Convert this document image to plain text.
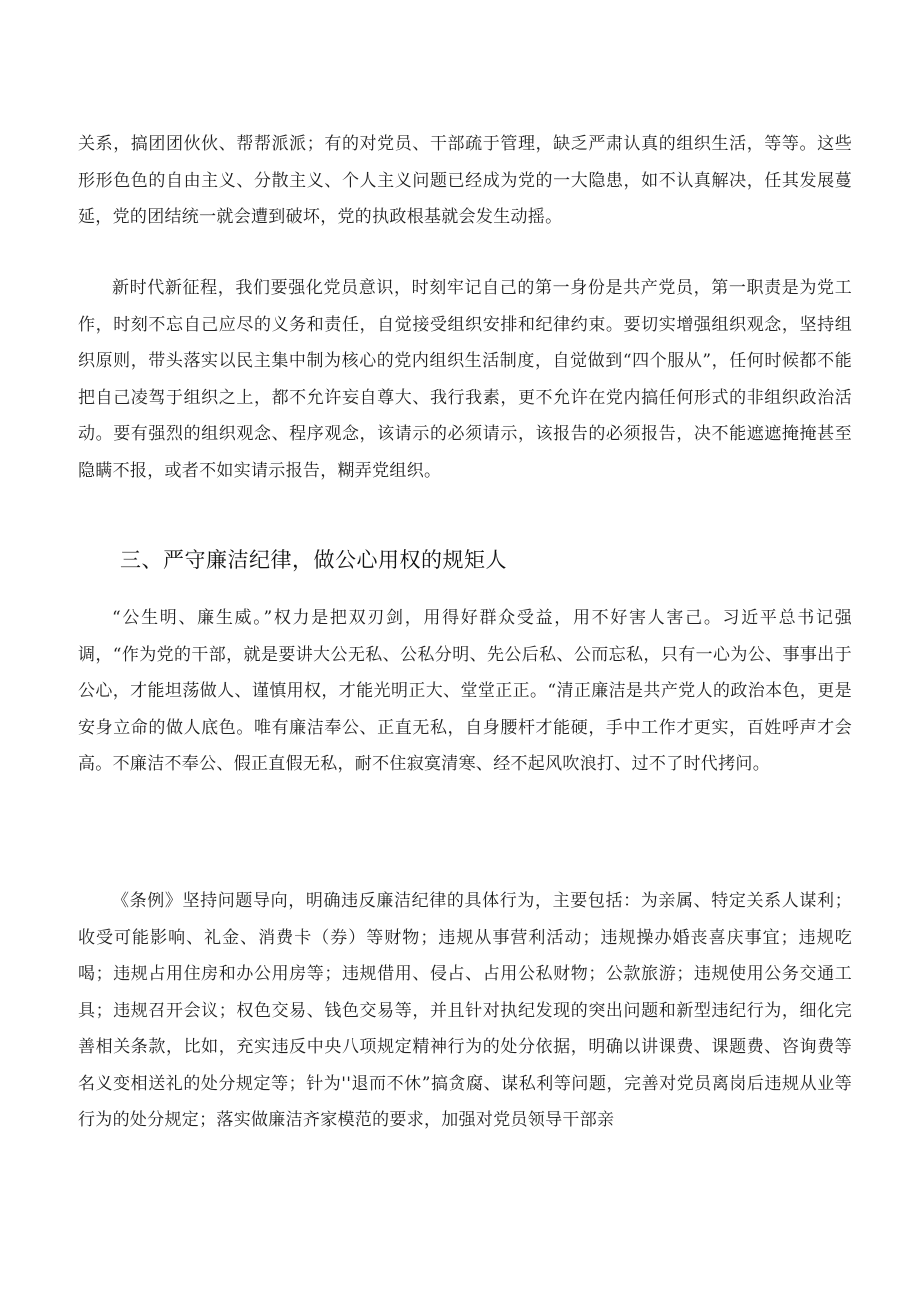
关系，搞团团伙伙、帮帮派派；有的对党员、干部疏于管理，缺乏严肃认真的组织生活，等等。这些形形色色的自由主义、分散主义、个人主义问题已经成为党的一大隐患，如不认真解决，任其发展蔓延，党的团结统一就会遭到破坏，党的执政根基就会发生动摇。

新时代新征程，我们要强化党员意识，时刻牢记自己的第一身份是共产党员，第一职责是为党工作，时刻不忘自己应尽的义务和责任，自觉接受组织安排和纪律约束。要切实增强组织观念，坚持组织原则，带头落实以民主集中制为核心的党内组织生活制度，自觉做到“四个服从”，任何时候都不能把自己凌驾于组织之上，都不允许妄自尊大、我行我素，更不允许在党内搞任何形式的非组织政治活动。要有强烈的组织观念、程序观念，该请示的必须请示，该报告的必须报告，决不能遮遮掩掩甚至隐瞒不报，或者不如实请示报告，糊弄党组织。

三、严守廉洁纪律，做公心用权的规矩人

“公生明、廉生威。”权力是把双刃剑，用得好群众受益，用不好害人害己。习近平总书记强调，“作为党的干部，就是要讲大公无私、公私分明、先公后私、公而忘私，只有一心为公、事事出于公心，才能坦荡做人、谨慎用权，才能光明正大、堂堂正正。“清正廉洁是共产党人的政治本色，更是安身立命的做人底色。唯有廉洁奉公、正直无私，自身腰杆才能硬，手中工作才更实，百姓呼声才会高。不廉洁不奉公、假正直假无私，耐不住寂寞清寒、经不起风吹浪打、过不了时代拷问。

《条例》坚持问题导向，明确违反廉洁纪律的具体行为，主要包括：为亲属、特定关系人谋利；收受可能影响、礼金、消费卡（券）等财物；违规从事营利活动；违规操办婚丧喜庆事宜；违规吃喝；违规占用住房和办公用房等；违规借用、侵占、占用公私财物；公款旅游；违规使用公务交通工具；违规召开会议；权色交易、钱色交易等，并且针对执纪发现的突出问题和新型违纪行为，细化完善相关条款，比如，充实违反中央八项规定精神行为的处分依据，明确以讲课费、课题费、咨询费等名义变相送礼的处分规定等；针为''退而不休”搞贪腐、谋私利等问题，完善对党员离岗后违规从业等行为的处分规定；落实做廉洁齐家模范的要求，加强对党员领导干部亲
